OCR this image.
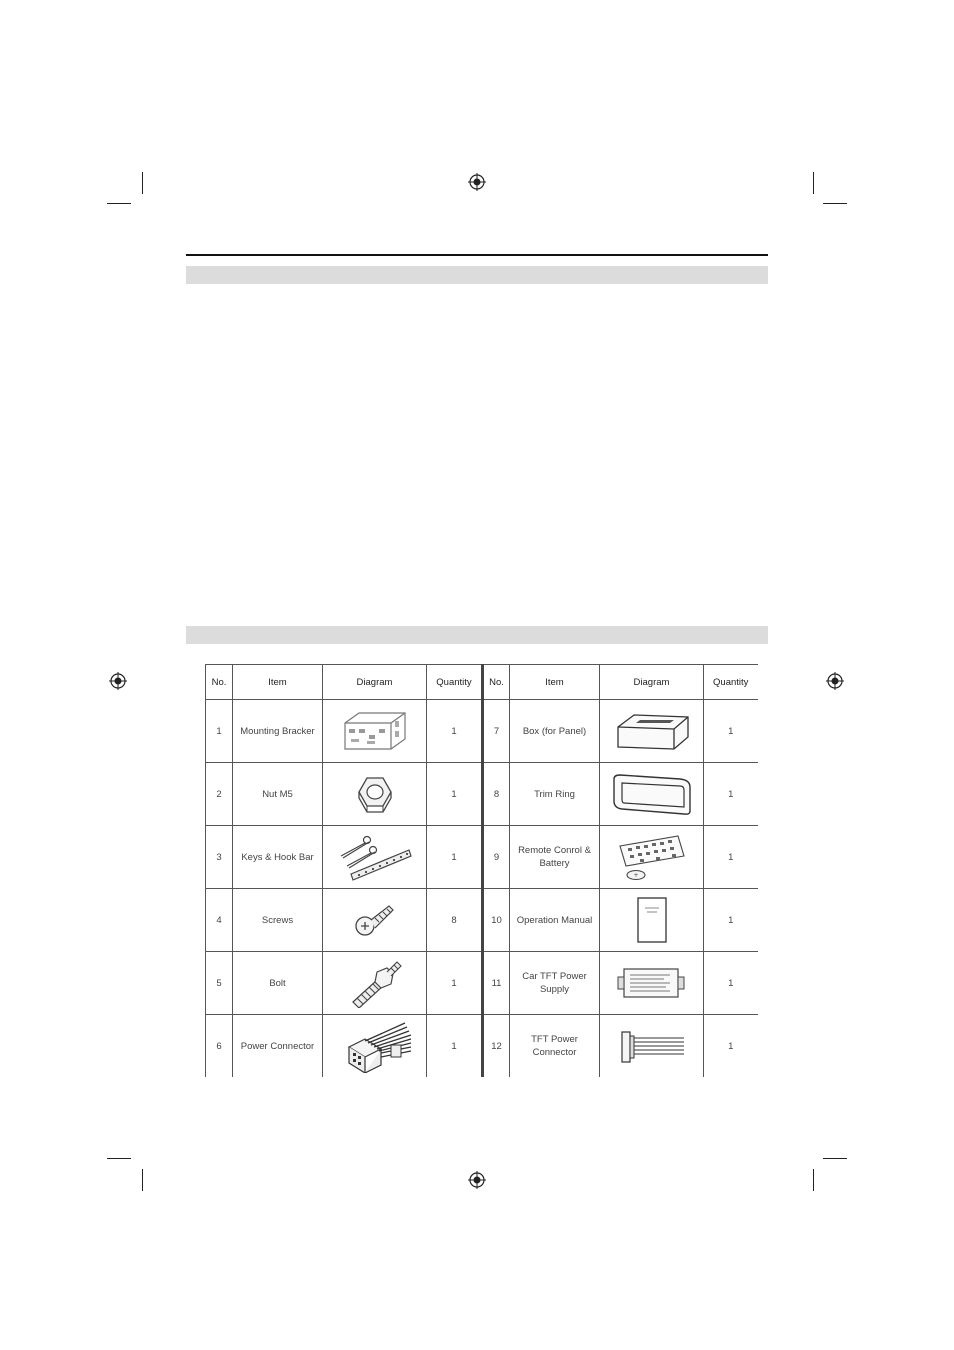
No.	Item	Diagram	Quantity	No.	Item	Diagram	Quantity
1	Mounting Bracker		1	7	Box (for Panel)		1
2	Nut M5		1	8	Trim Ring		1
3	Keys & Hook Bar		1	9	Remote Conrol & Battery	+	1
4	Screws		8	10	Operation Manual		1
5	Bolt		1	11	Car TFT Power Supply		1
6	Power Connector		1	12	TFT Power Connector		1
